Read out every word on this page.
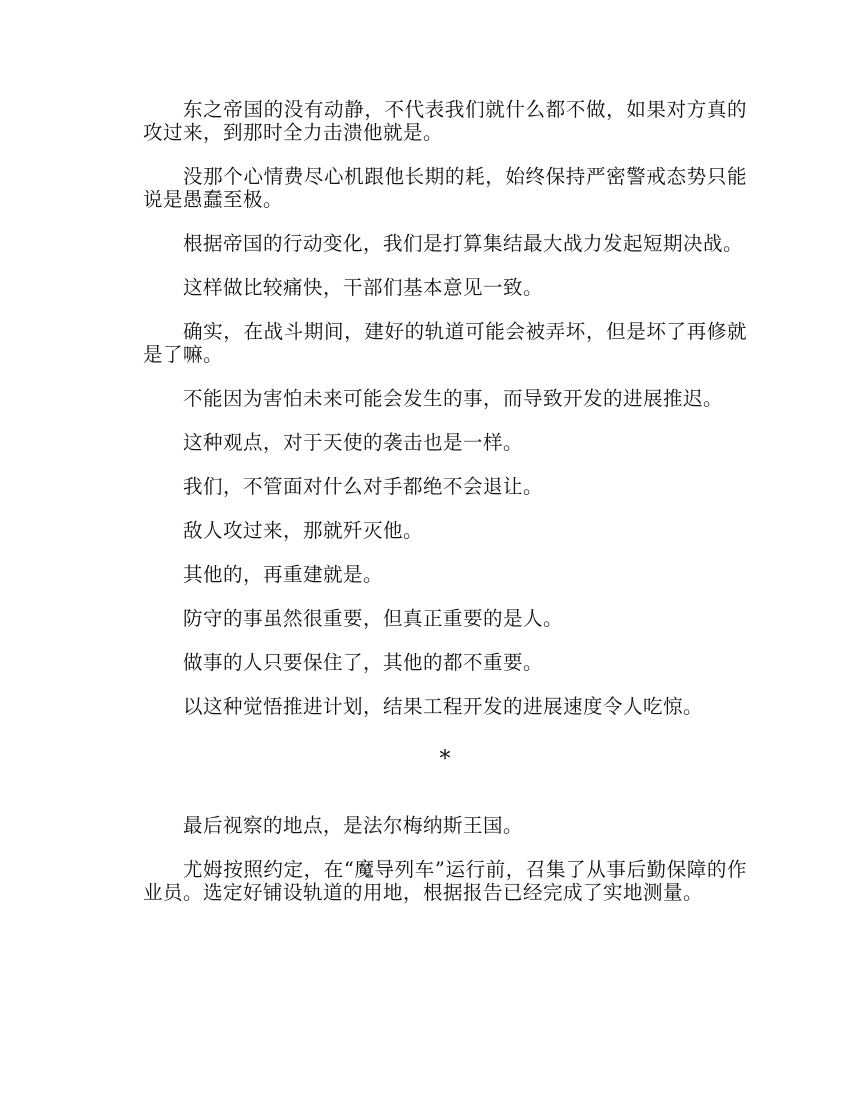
东之帝国的没有动静，不代表我们就什么都不做，如果对方真的攻过来，到那时全力击溃他就是。

没那个心情费尽心机跟他长期的耗，始终保持严密警戒态势只能说是愚蠢至极。

根据帝国的行动变化，我们是打算集结最大战力发起短期决战。

这样做比较痛快，干部们基本意见一致。

确实，在战斗期间，建好的轨道可能会被弄坏，但是坏了再修就是了嘛。

不能因为害怕未来可能会发生的事，而导致开发的进展推迟。

这种观点，对于天使的袭击也是一样。

我们，不管面对什么对手都绝不会退让。

敌人攻过来，那就歼灭他。

其他的，再重建就是。

防守的事虽然很重要，但真正重要的是人。

做事的人只要保住了，其他的都不重要。

以这种觉悟推进计划，结果工程开发的进展速度令人吃惊。

*

最后视察的地点，是法尔梅纳斯王国。

尤姆按照约定，在“魔导列车”运行前，召集了从事后勤保障的作业员。选定好铺设轨道的用地，根据报告已经完成了实地测量。
